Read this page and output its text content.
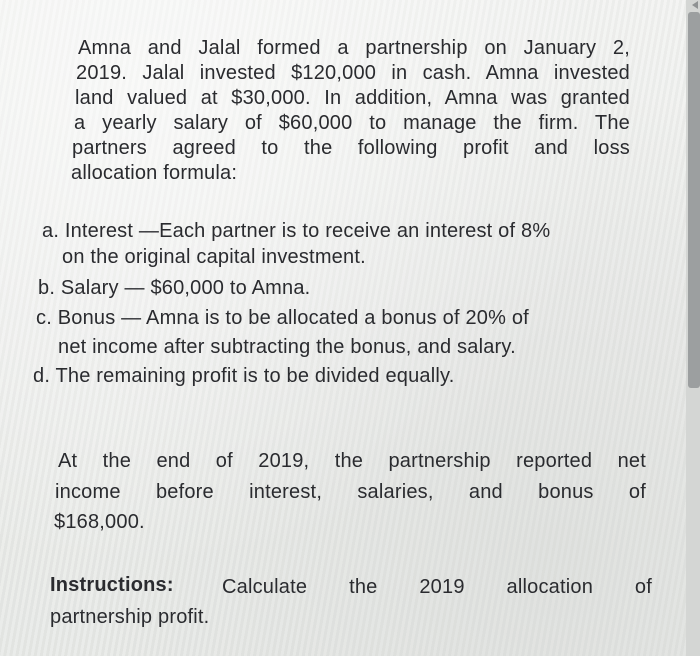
Amna and Jalal formed a partnership on January 2,
2019. Jalal invested $120,000 in cash. Amna invested
land valued at $30,000. In addition, Amna was granted
a yearly salary of $60,000 to manage the firm. The
partners agreed to the following profit and loss
allocation formula:
a. Interest —Each partner is to receive an interest of 8%
on the original capital investment.
b. Salary — $60,000 to Amna.
c. Bonus — Amna is to be allocated a bonus of 20% of
net income after subtracting the bonus, and salary.
d. The remaining profit is to be divided equally.
At the end of 2019, the partnership reported net
income before interest, salaries, and bonus of
$168,000.
Instructions: Calculate the 2019 allocation of
partnership profit.
